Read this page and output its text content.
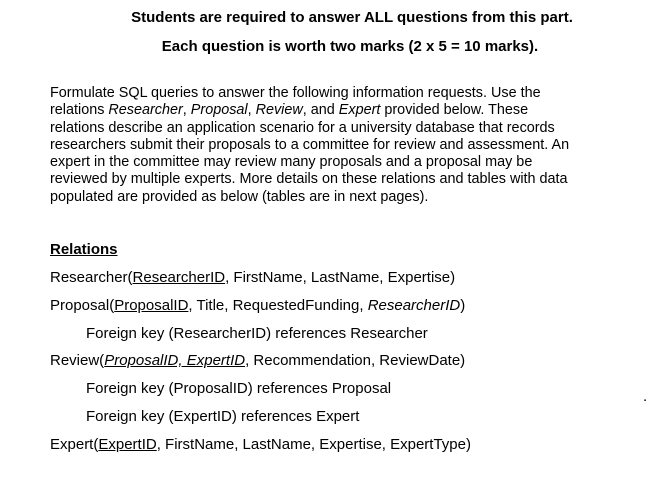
Students are required to answer ALL questions from this part.
Each question is worth two marks (2 x 5 = 10 marks).
Formulate SQL queries to answer the following information requests. Use the
relations Researcher, Proposal, Review, and Expert provided below. These
relations describe an application scenario for a university database that records
researchers submit their proposals to a committee for review and assessment. An
expert in the committee may review many proposals and a proposal may be
reviewed by multiple experts. More details on these relations and tables with data
populated are provided as below (tables are in next pages).
Relations
Researcher(ResearcherID, FirstName, LastName, Expertise)
Proposal(ProposalID, Title, RequestedFunding, ResearcherID)
Foreign key (ResearcherID) references Researcher
Review(ProposalID, ExpertID, Recommendation, ReviewDate)
Foreign key (ProposalID) references Proposal	.
Foreign key (ExpertID) references Expert
Expert(ExpertID, FirstName, LastName, Expertise, ExpertType)
